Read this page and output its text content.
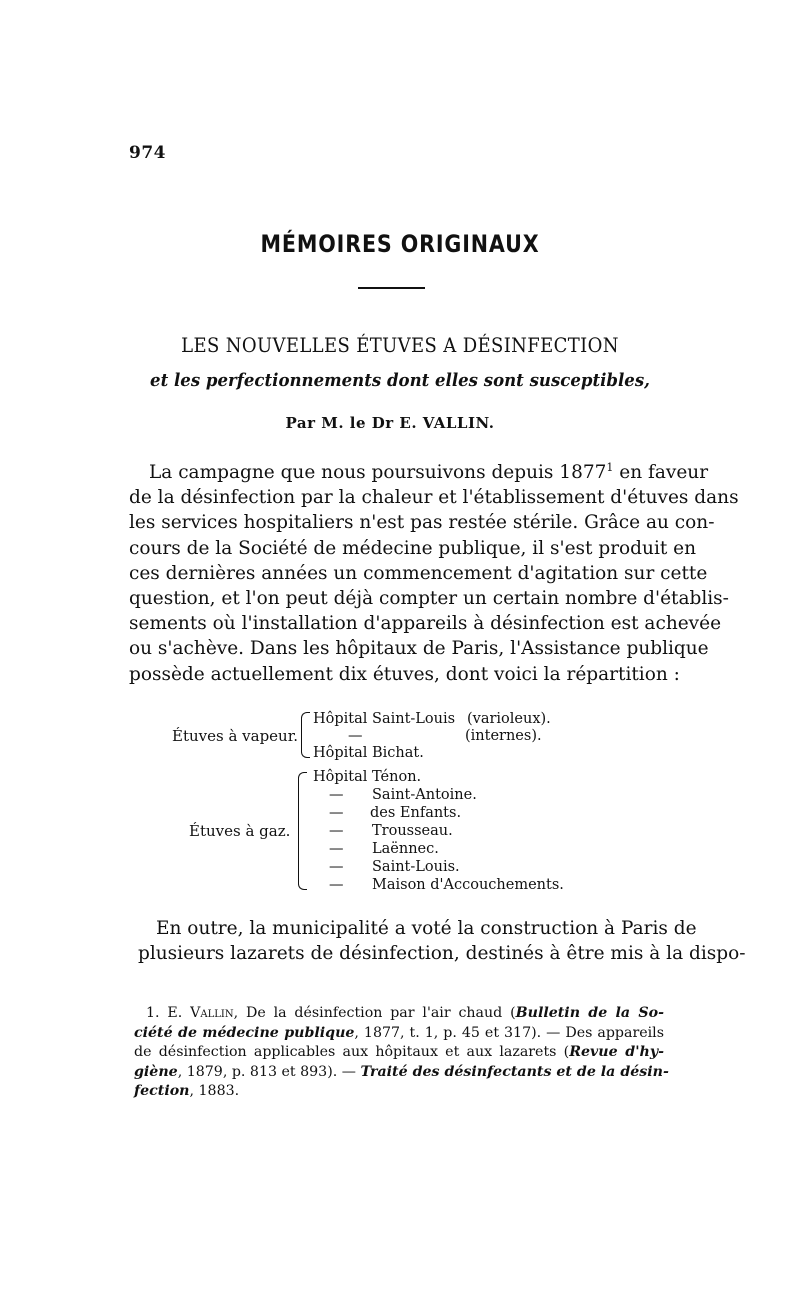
974
MÉMOIRES ORIGINAUX
LES NOUVELLES ÉTUVES A DÉSINFECTION
et les perfectionnements dont elles sont susceptibles,
Par M. le Dr E. VALLIN.
La campagne que nous poursuivons depuis 1877$^1$ en faveur
de la désinfection par la chaleur et l'établissement d'étuves dans
les services hospitaliers n'est pas restée stérile. Grâce au con-
cours de la Société de médecine publique, il s'est produit en
ces dernières années un commencement d'agitation sur cette
question, et l'on peut déjà compter un certain nombre d'établis-
sements où l'installation d'appareils à désinfection est achevée
ou s'achève. Dans les hôpitaux de Paris, l'Assistance publique
possède actuellement dix étuves, dont voici la répartition :
Étuves à vapeur.
Hôpital Saint-Louis (varioleux).
—	(internes).
Hôpital Bichat.
Étuves à gaz.
Hôpital Ténon.
— Saint-Antoine.
— des Enfants.
— Trousseau.
— Laënnec.
— Saint-Louis.
— Maison d'Accouchements.
En outre, la municipalité a voté la construction à Paris de
plusieurs lazarets de désinfection, destinés à être mis à la dispo-
1. E. Vallin, De la désinfection par l'air chaud (Bulletin de la So-
ciété de médecine publique, 1877, t. 1, p. 45 et 317). — Des appareils
de désinfection applicables aux hôpitaux et aux lazarets (Revue d'hy-
giène, 1879, p. 813 et 893). — Traité des désinfectants et de la désin-
fection, 1883.
